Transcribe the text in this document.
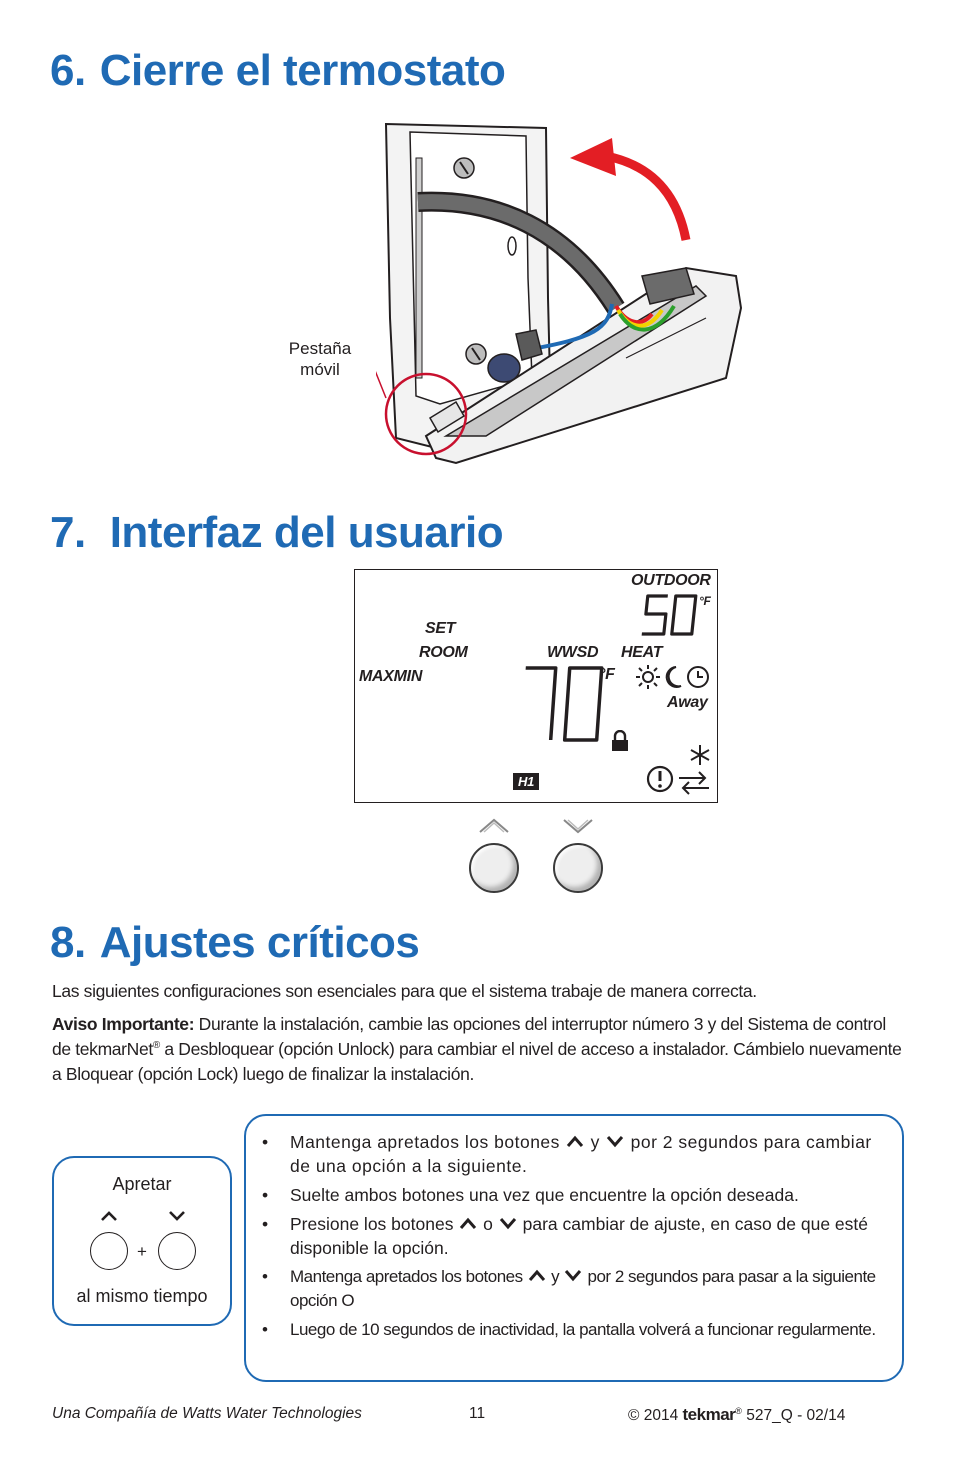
6. Cierre el termostato
Pestaña
móvil
7. Interfaz del usuario
OUTDOOR
°F
SET
ROOM
MAXMIN
WWSD HEAT
°F
Away
H1
8. Ajustes críticos

Las siguientes configuraciones son esenciales para que el sistema trabaje de manera correcta.

Aviso Importante: Durante la instalación, cambie las opciones del interruptor número 3 y del Sistema de control de tekmarNet® a Desbloquear (opción Unlock) para cambiar el nivel de acceso a instalador. Cámbielo nuevamente a Bloquear (opción Lock) luego de finalizar la instalación.

Apretar
+
al mismo tiempo
• Mantenga apretados los botones  y  por 2 segundos para cambiar de una opción a la siguiente.
• Suelte ambos botones una vez que encuentre la opción deseada.
• Presione los botones  o  para cambiar de ajuste, en caso de que esté disponible la opción.
• Mantenga apretados los botones  y  por 2 segundos para pasar a la siguiente opción O
• Luego de 10 segundos de inactividad, la pantalla volverá a funcionar regularmente.
Una Compañía de Watts Water Technologies	11	© 2014 tekmar® 527_Q - 02/14
